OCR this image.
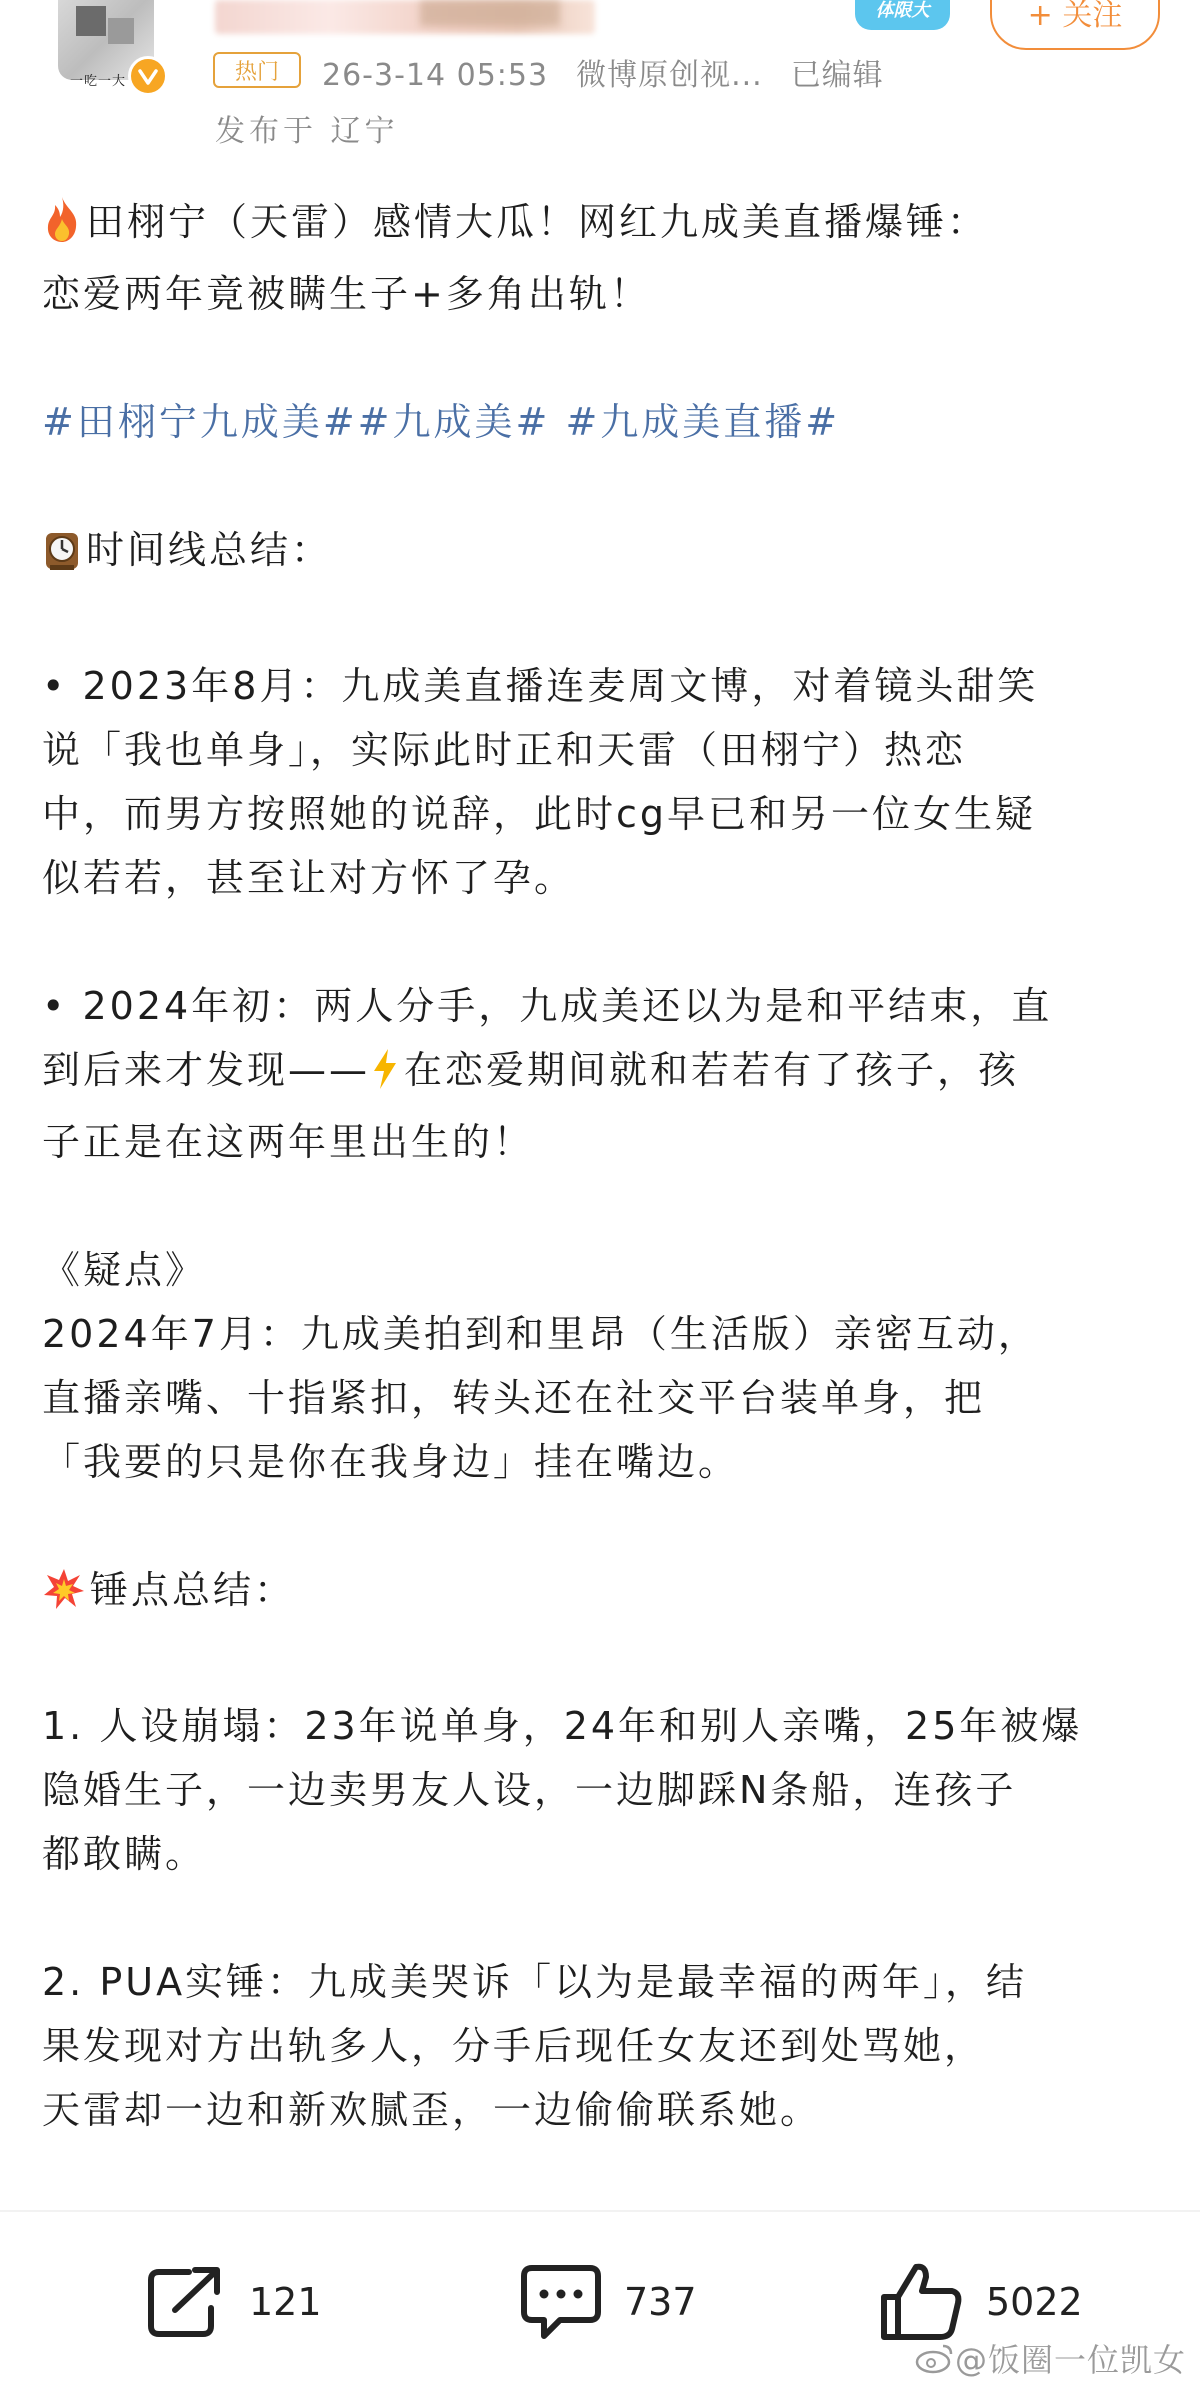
一吃一大
体限大	+ 关注
热门	26-3-14 05:53 微博原创视... 已编辑
发布于 辽宁

田栩宁（天雷）感情大瓜！网红九成美直播爆锤：
恋爱两年竟被瞒生子+多角出轨！

#田栩宁九成美##九成美# #九成美直播#

时间线总结：

• 2023年8月：九成美直播连麦周文博，对着镜头甜笑
说「我也单身」，实际此时正和天雷（田栩宁）热恋
中，而男方按照她的说辞，此时cg早已和另一位女生疑
似若若，甚至让对方怀了孕。

• 2024年初：两人分手，九成美还以为是和平结束，直
到后来才发现—— 在恋爱期间就和若若有了孩子，孩
子正是在这两年里出生的！

《疑点》
2024年7月：九成美拍到和里昂（生活版）亲密互动，
直播亲嘴、十指紧扣，转头还在社交平台装单身，把
「我要的只是你在我身边」挂在嘴边。

锤点总结：

1. 人设崩塌：23年说单身，24年和别人亲嘴，25年被爆
隐婚生子，一边卖男友人设，一边脚踩N条船，连孩子
都敢瞒。

2. PUA实锤：九成美哭诉「以为是最幸福的两年」，结
果发现对方出轨多人，分手后现任女友还到处骂她，
天雷却一边和新欢腻歪，一边偷偷联系她。

121	737	5022
@饭圈一位凯女
